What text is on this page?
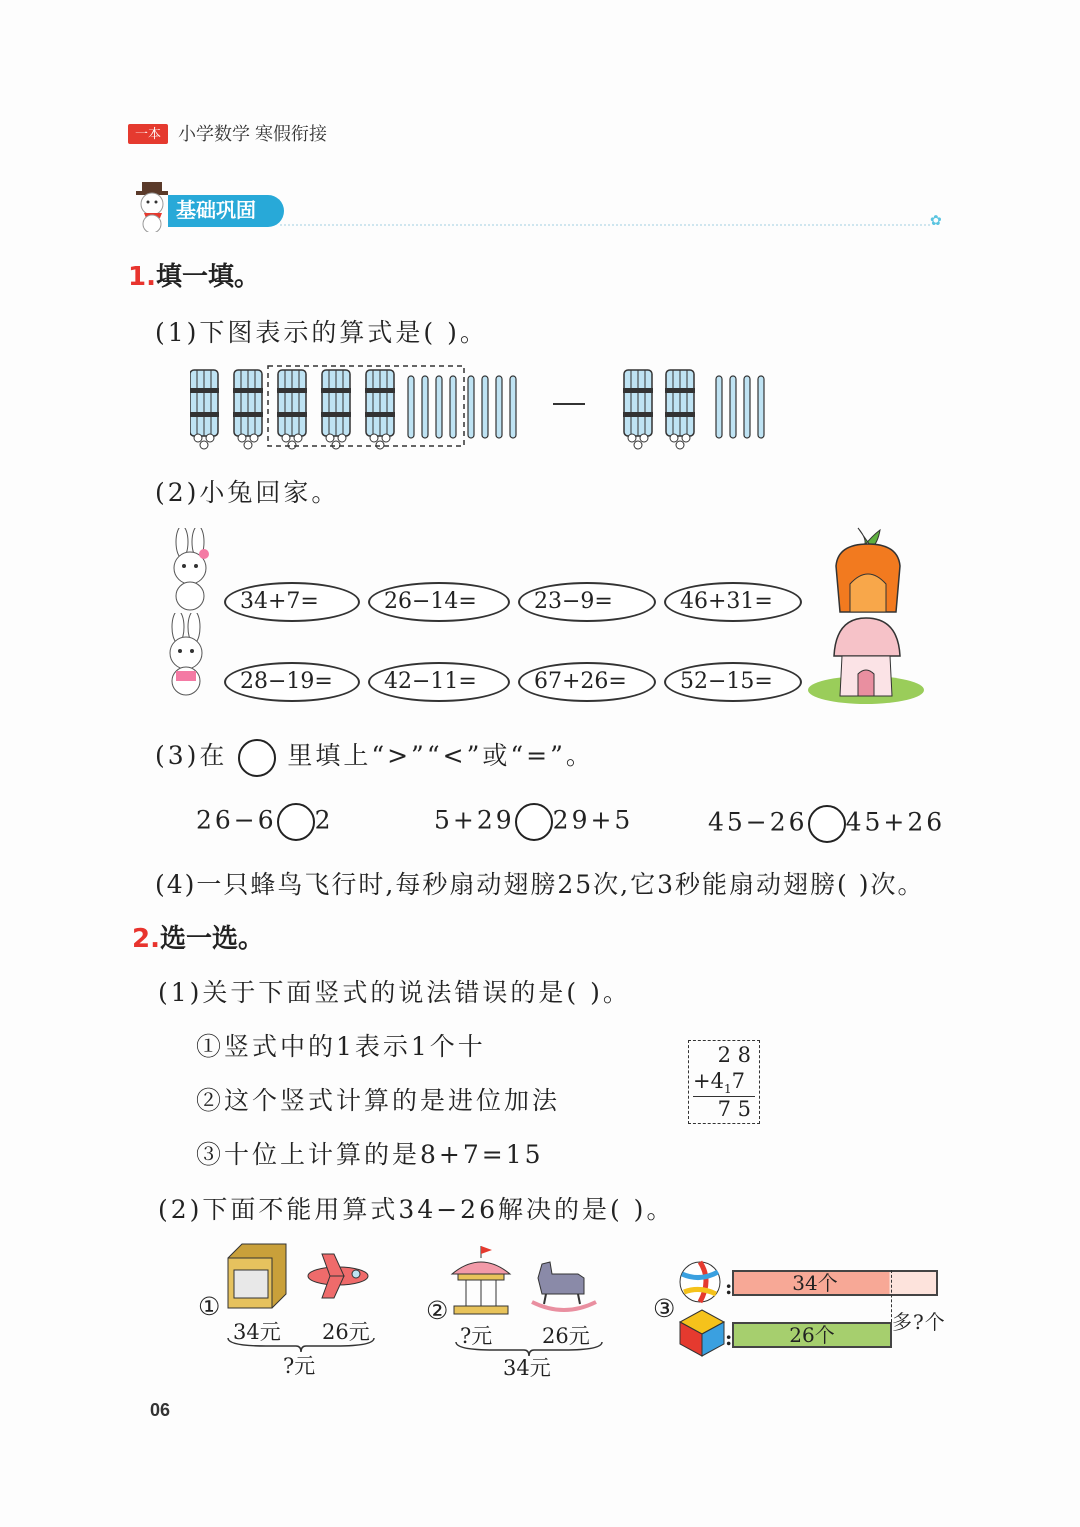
一本 小学数学 寒假衔接
基础巩固	✿
1.填一填。
(1)下图表示的算式是( )。
(2)小兔回家。
34+7=	26−14=	23−9=	46+31=
28−19=	42−11=	67+26=	52−15=
(3)在 里填上“>”“<”或“=”。
26−6 2	5+29 29+5	45−26 45+26
(4)一只蜂鸟飞行时,每秒扇动翅膀25次,它3秒能扇动翅膀( )次。
2.选一选。
(1)关于下面竖式的说法错误的是( )。
①竖式中的1表示1个十
②这个竖式计算的是进位加法
③十位上计算的是8+7=15
2 8
$+4_17$
7 5
(2)下面不能用算式34−26解决的是( )。
①
34元 26元
?元
②
?元 26元
34元
③
:
:
34个
26个
多?个
06
